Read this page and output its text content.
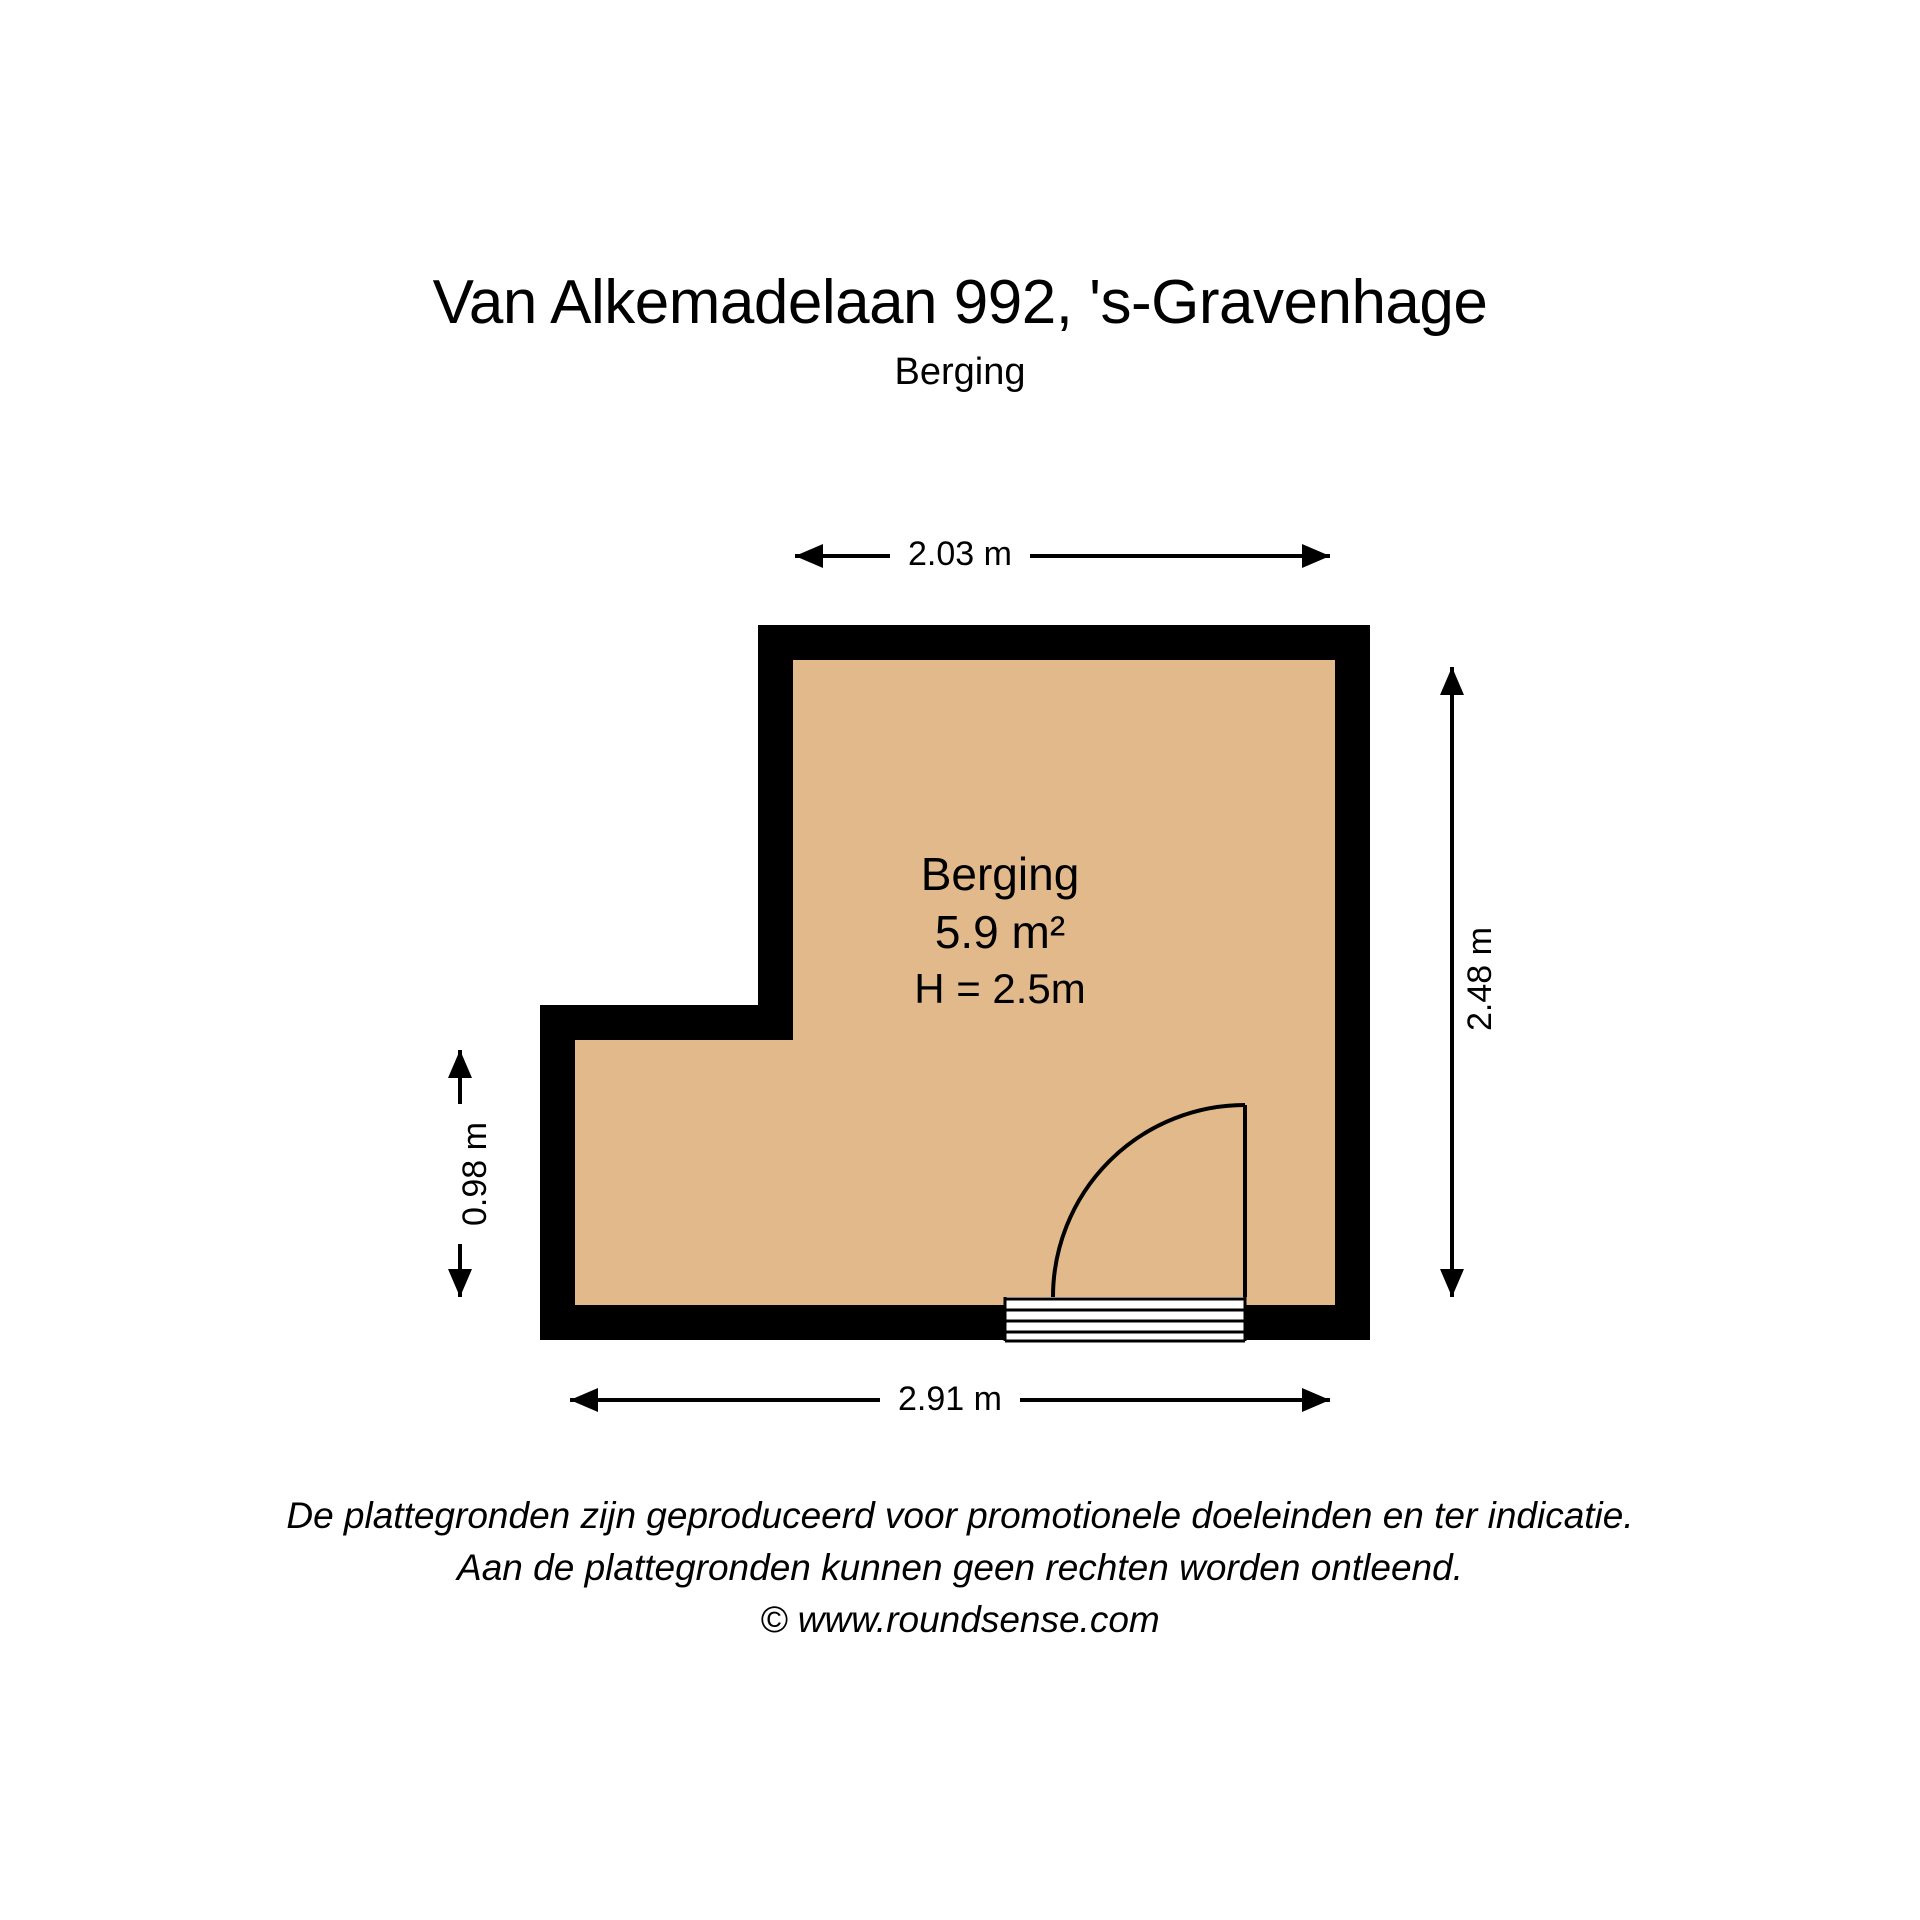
Van Alkemadelaan 992, 's-Gravenhage
Berging
2.03 m
2.48 m
0.98 m
2.91 m
Berging
5.9 m²
H = 2.5m
De plattegronden zijn geproduceerd voor promotionele doeleinden en ter indicatie.
Aan de plattegronden kunnen geen rechten worden ontleend.
© www.roundsense.com
